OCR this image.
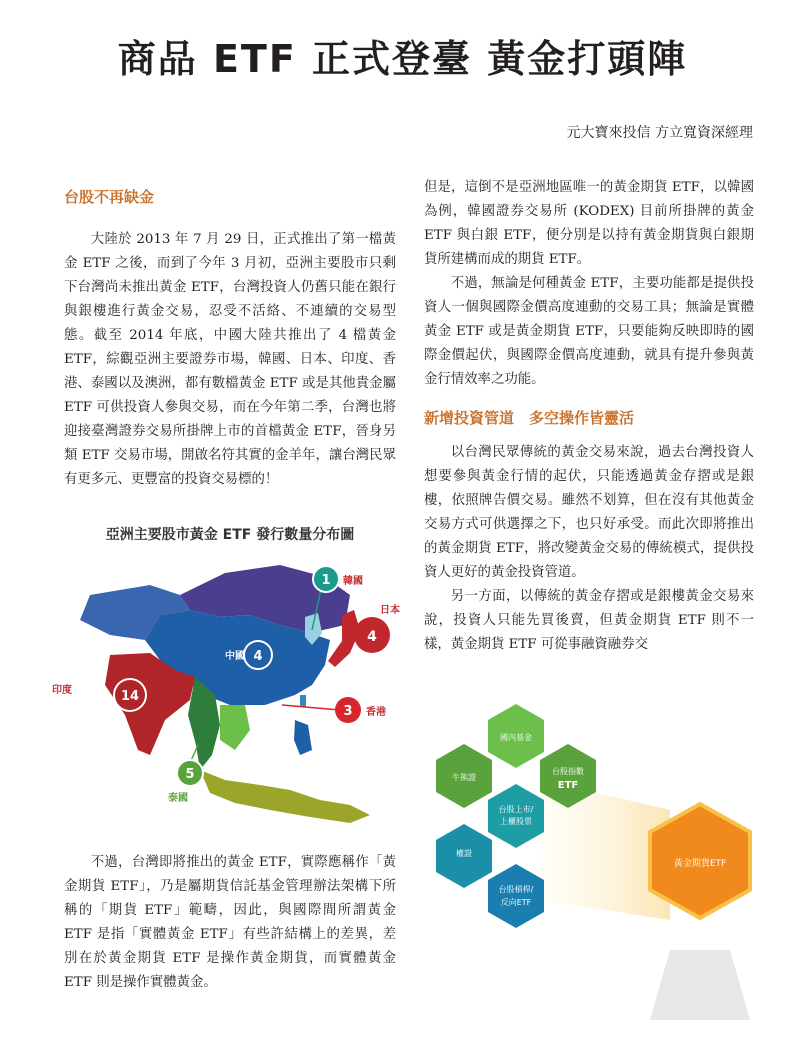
商品 ETF 正式登臺 黃金打頭陣
元大寶來投信 方立寬資深經理
台股不再缺金

大陸於 2013 年 7 月 29 日，正式推出了第一檔黃金 ETF 之後，而到了今年 3 月初，亞洲主要股市只剩下台灣尚未推出黃金 ETF，台灣投資人仍舊只能在銀行與銀樓進行黃金交易，忍受不活絡、不連續的交易型態。截至 2014 年底，中國大陸共推出了 4 檔黃金 ETF，綜觀亞洲主要證券市場，韓國、日本、印度、香港、泰國以及澳洲，都有數檔黃金 ETF 或是其他貴金屬 ETF 可供投資人參與交易，而在今年第二季，台灣也將迎接臺灣證券交易所掛牌上市的首檔黃金 ETF，晉身另類 ETF 交易市場，開啟名符其實的金羊年，讓台灣民眾有更多元、更豐富的投資交易標的！

亞洲主要股市黃金 ETF 發行數量分布圖
1 韓國
4
日本
中國 4
14
印度
3 香港
5
泰國

不過，台灣即將推出的黃金 ETF，實際應稱作「黃金期貨 ETF」，乃是屬期貨信託基金管理辦法架構下所稱的「期貨 ETF」範疇，因此，與國際間所謂黃金 ETF 是指「實體黃金 ETF」有些許結構上的差異，差別在於黃金期貨 ETF 是操作黃金期貨，而實體黃金 ETF 則是操作實體黃金。

但是，這倒不是亞洲地區唯一的黃金期貨 ETF，以韓國為例，韓國證券交易所 (KODEX) 目前所掛牌的黃金 ETF 與白銀 ETF，便分別是以持有黃金期貨與白銀期貨所建構而成的期貨 ETF。

不過，無論是何種黃金 ETF，主要功能都是提供投資人一個與國際金價高度連動的交易工具；無論是實體黃金 ETF 或是黃金期貨 ETF，只要能夠反映即時的國際金價起伏，與國際金價高度連動，就具有提升參與黃金行情效率之功能。

新增投資管道　多空操作皆靈活

以台灣民眾傳統的黃金交易來說，過去台灣投資人想要參與黃金行情的起伏，只能透過黃金存摺或是銀樓，依照牌告價交易。雖然不划算，但在沒有其他黃金交易方式可供選擇之下，也只好承受。而此次即將推出的黃金期貨 ETF，將改變黃金交易的傳統模式，提供投資人更好的黃金投資管道。

另一方面，以傳統的黃金存摺或是銀樓黃金交易來說，投資人只能先買後賣，但黃金期貨 ETF 則不一樣，黃金期貨 ETF 可從事融資融券交

國內基金
牛熊證
台股指數
ETF
台股上市/
上櫃股票
權證
台股槓桿/
反向ETF
黃金期貨ETF
